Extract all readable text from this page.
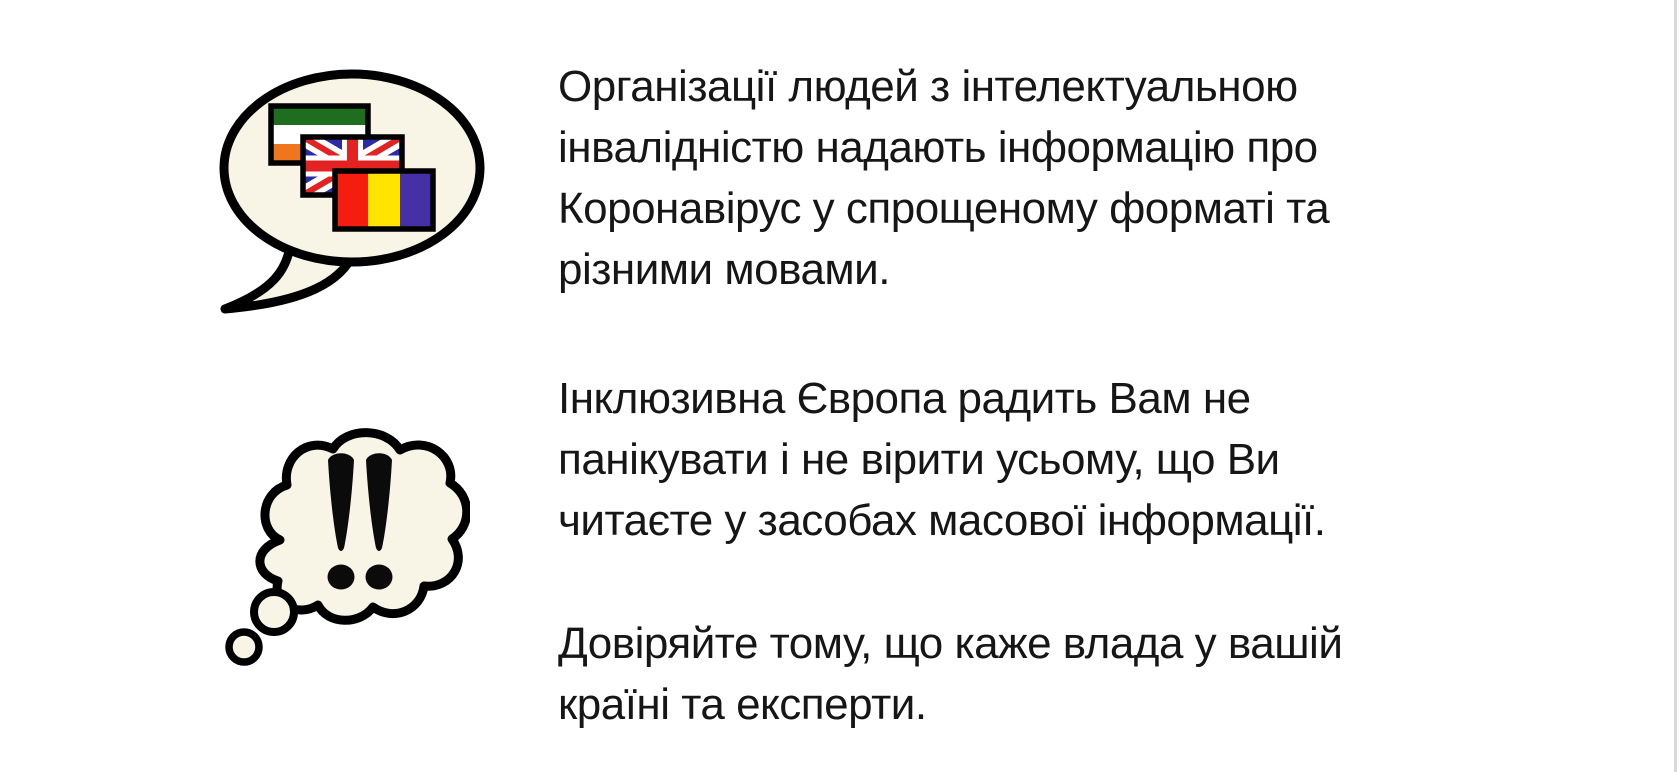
Організації людей з інтелектуальною
інвалідністю надають інформацію про
Коронавірус у спрощеному форматі та
різними мовами.
Інклюзивна Європа радить Вам не
панікувати і не вірити усьому, що Ви
читаєте у засобах масової інформації.
Довіряйте тому, що каже влада у вашій
країні та експерти.
